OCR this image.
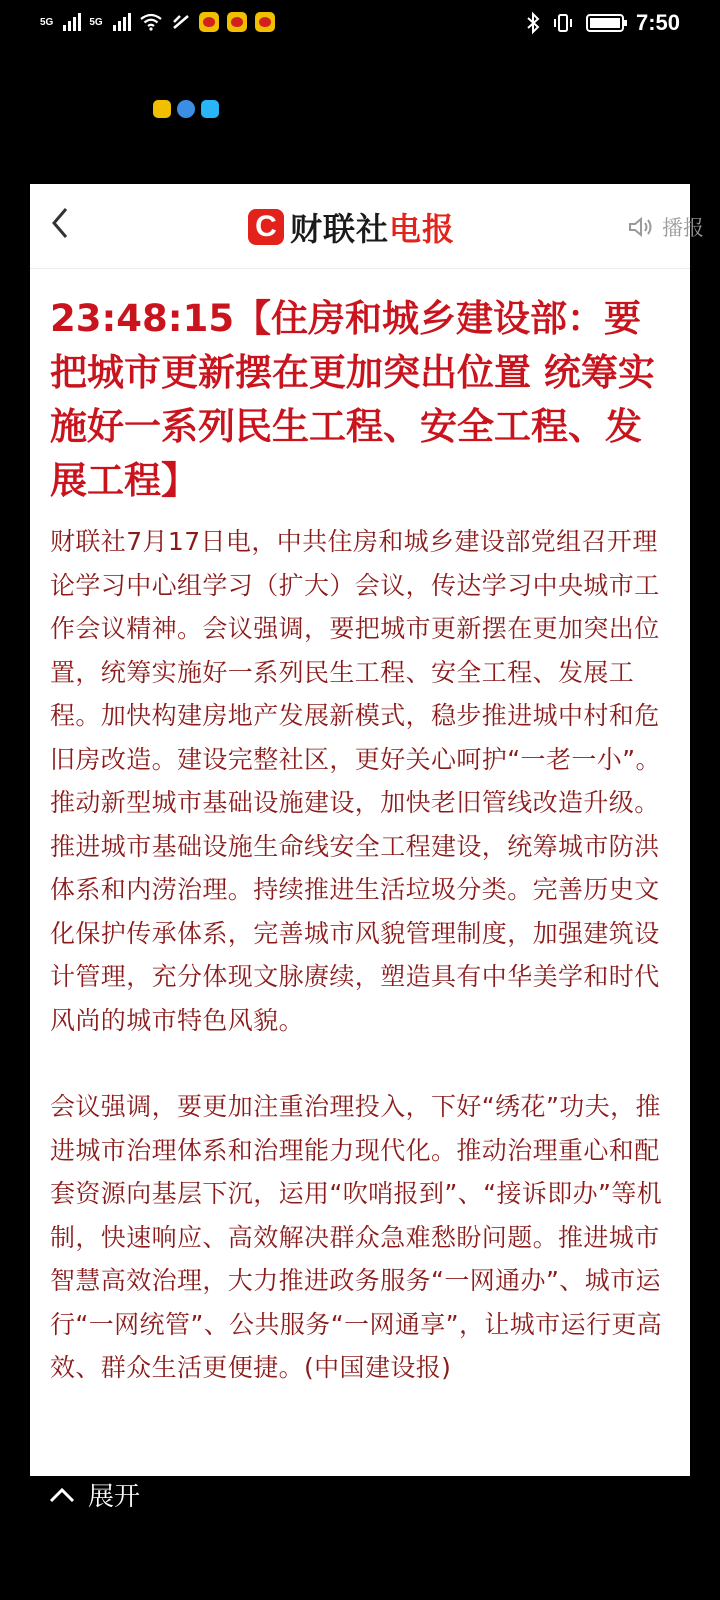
5G	5G	7:50
C 财联社电报	播报
23:48:15【住房和城乡建设部：要把城市更新摆在更加突出位置 统筹实施好一系列民生工程、安全工程、发展工程】

财联社7月17日电，中共住房和城乡建设部党组召开理论学习中心组学习（扩大）会议，传达学习中央城市工作会议精神。会议强调，要把城市更新摆在更加突出位置，统筹实施好一系列民生工程、安全工程、发展工程。加快构建房地产发展新模式，稳步推进城中村和危旧房改造。建设完整社区，更好关心呵护“一老一小”。推动新型城市基础设施建设，加快老旧管线改造升级。推进城市基础设施生命线安全工程建设，统筹城市防洪体系和内涝治理。持续推进生活垃圾分类。完善历史文化保护传承体系，完善城市风貌管理制度，加强建筑设计管理，充分体现文脉赓续，塑造具有中华美学和时代风尚的城市特色风貌。

会议强调，要更加注重治理投入，下好“绣花”功夫，推进城市治理体系和治理能力现代化。推动治理重心和配套资源向基层下沉，运用“吹哨报到”、“接诉即办”等机制，快速响应、高效解决群众急难愁盼问题。推进城市智慧高效治理，大力推进政务服务“一网通办”、城市运行“一网统管”、公共服务“一网通享”，让城市运行更高效、群众生活更便捷。(中国建设报)

展开
